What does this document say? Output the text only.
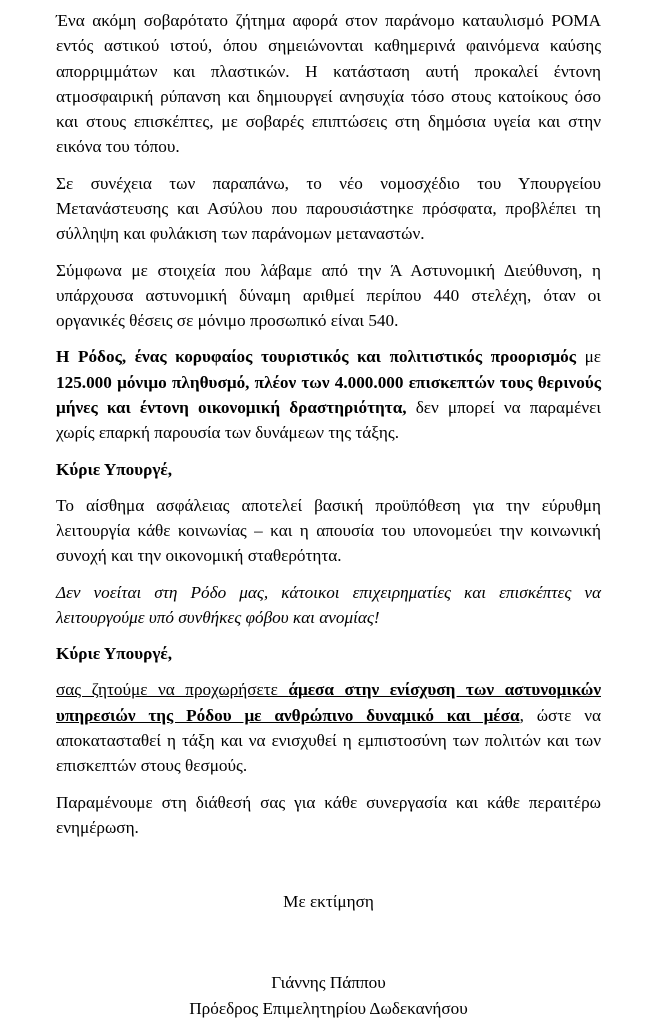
Ένα ακόμη σοβαρότατο ζήτημα αφορά στον παράνομο καταυλισμό ΡΟΜΑ εντός αστικού ιστού, όπου σημειώνονται καθημερινά φαινόμενα καύσης απορριμμάτων και πλαστικών. Η κατάσταση αυτή προκαλεί έντονη ατμοσφαιρική ρύπανση και δημιουργεί ανησυχία τόσο στους κατοίκους όσο και στους επισκέπτες, με σοβαρές επιπτώσεις στη δημόσια υγεία και στην εικόνα του τόπου.

Σε συνέχεια των παραπάνω, το νέο νομοσχέδιο του Υπουργείου Μετανάστευσης και Ασύλου που παρουσιάστηκε πρόσφατα, προβλέπει τη σύλληψη και φυλάκιση των παράνομων μεταναστών.

Σύμφωνα με στοιχεία που λάβαμε από την Ά Αστυνομική Διεύθυνση, η υπάρχουσα αστυνομική δύναμη αριθμεί περίπου 440 στελέχη, όταν οι οργανικές θέσεις σε μόνιμο προσωπικό είναι 540.

Η Ρόδος, ένας κορυφαίος τουριστικός και πολιτιστικός προορισμός με 125.000 μόνιμο πληθυσμό, πλέον των 4.000.000 επισκεπτών τους θερινούς μήνες και έντονη οικονομική δραστηριότητα, δεν μπορεί να παραμένει χωρίς επαρκή παρουσία των δυνάμεων της τάξης.

Κύριε Υπουργέ,

Το αίσθημα ασφάλειας αποτελεί βασική προϋπόθεση για την εύρυθμη λειτουργία κάθε κοινωνίας – και η απουσία του υπονομεύει την κοινωνική συνοχή και την οικονομική σταθερότητα.

Δεν νοείται στη Ρόδο μας, κάτοικοι επιχειρηματίες και επισκέπτες να λειτουργούμε υπό συνθήκες φόβου και ανομίας!

Κύριε Υπουργέ,

σας ζητούμε να προχωρήσετε άμεσα στην ενίσχυση των αστυνομικών υπηρεσιών της Ρόδου με ανθρώπινο δυναμικό και μέσα, ώστε να αποκατασταθεί η τάξη και να ενισχυθεί η εμπιστοσύνη των πολιτών και των επισκεπτών στους θεσμούς.

Παραμένουμε στη διάθεσή σας για κάθε συνεργασία και κάθε περαιτέρω ενημέρωση.

Με εκτίμηση
Γιάννης Πάππου
Πρόεδρος Επιμελητηρίου Δωδεκανήσου
